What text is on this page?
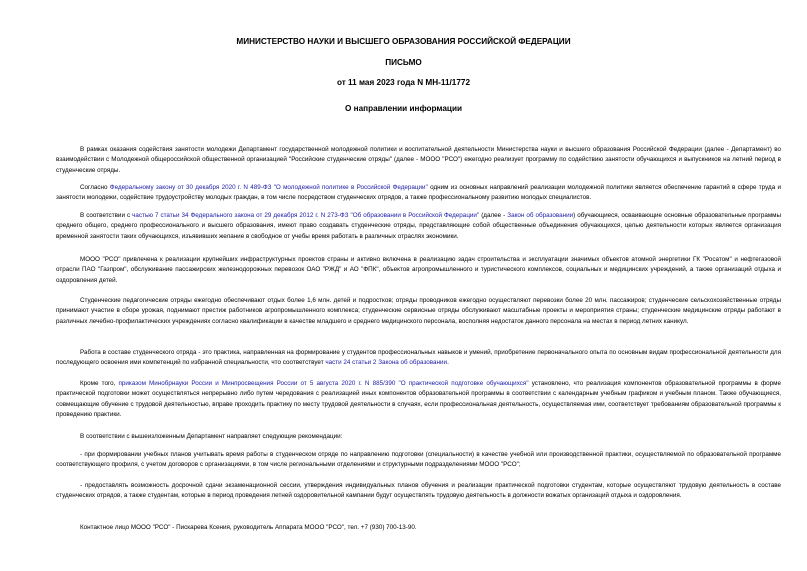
МИНИСТЕРСТВО НАУКИ И ВЫСШЕГО ОБРАЗОВАНИЯ РОССИЙСКОЙ ФЕДЕРАЦИИ
ПИСЬМО
от 11 мая 2023 года N МН-11/1772
О направлении информации

В рамках оказания содействия занятости молодежи Департамент государственной молодежной политики и воспитательной деятельности Министерства науки и высшего образования Российской Федерации (далее - Департамент) во взаимодействии с Молодежной общероссийской общественной организацией "Российские студенческие отряды" (далее - МООО "РСО") ежегодно реализует программу по содействию занятости обучающихся и выпускников на летний период в студенческие отряды.

Согласно Федеральному закону от 30 декабря 2020 г. N 489-ФЗ "О молодежной политике в Российской Федерации" одним из основных направлений реализации молодежной политики является обеспечение гарантий в сфере труда и занятости молодежи, содействие трудоустройству молодых граждан, в том числе посредством студенческих отрядов, а также профессиональному развитию молодых специалистов.

В соответствии с частью 7 статьи 34 Федерального закона от 29 декабря 2012 г. N 273-ФЗ "Об образовании в Российской Федерации" (далее - Закон об образовании) обучающиеся, осваивающие основные образовательные программы среднего общего, среднего профессионального и высшего образования, имеют право создавать студенческие отряды, представляющие собой общественные объединения обучающихся, целью деятельности которых является организация временной занятости таких обучающихся, изъявивших желание в свободное от учебы время работать в различных отраслях экономики.

МООО "РСО" привлечена к реализации крупнейших инфраструктурных проектов страны и активно включена в реализацию задач строительства и эксплуатации значимых объектов атомной энергетики ГК "Росатом" и нефтегазовой отрасли ПАО "Газпром", обслуживание пассажирских железнодорожных перевозок ОАО "РЖД" и АО "ФПК", объектов агропромышленного и туристического комплексов, социальных и медицинских учреждений, а также организаций отдыха и оздоровления детей.

Студенческие педагогические отряды ежегодно обеспечивают отдых более 1,6 млн. детей и подростков; отряды проводников ежегодно осуществляют перевозки более 20 млн. пассажиров; студенческие сельскохозяйственные отряды принимают участие в сборе урожая, поднимают престиж работников агропромышленного комплекса; студенческие сервисные отряды обслуживают масштабные проекты и мероприятия страны; студенческие медицинские отряды работают в различных лечебно-профилактических учреждениях согласно квалификации в качестве младшего и среднего медицинского персонала, восполняя недостаток данного персонала на местах в период летних каникул.

Работа в составе студенческого отряда - это практика, направленная на формирование у студентов профессиональных навыков и умений, приобретение первоначального опыта по основным видам профессиональной деятельности для последующего освоения ими компетенций по избранной специальности, что соответствует части 24 статьи 2 Закона об образовании.

Кроме того, приказом Минобрнауки России и Минпросвещения России от 5 августа 2020 г. N 885/390 "О практической подготовке обучающихся" установлено, что реализация компонентов образовательной программы в форме практической подготовки может осуществляться непрерывно либо путем чередования с реализацией иных компонентов образовательной программы в соответствии с календарным учебным графиком и учебным планом. Также обучающиеся, совмещающие обучение с трудовой деятельностью, вправе проходить практику по месту трудовой деятельности в случаях, если профессиональная деятельность, осуществляемая ими, соответствует требованиям образовательной программы к проведению практики.

В соответствии с вышеизложенным Департамент направляет следующие рекомендации:

- при формировании учебных планов учитывать время работы в студенческом отряде по направлению подготовки (специальности) в качестве учебной или производственной практики, осуществляемой по образовательной программе соответствующего профиля, с учетом договоров с организациями, в том числе региональными отделениями и структурными подразделениями МООО "РСО";

- предоставлять возможность досрочной сдачи экзаменационной сессии, утверждения индивидуальных планов обучения и реализации практической подготовки студентам, которые осуществляют трудовую деятельность в составе студенческих отрядов, а также студентам, которые в период проведения летней оздоровительной кампании будут осуществлять трудовую деятельность в должности вожатых организаций отдыха и оздоровления.

Контактное лицо МООО "РСО" - Пискарева Ксения, руководитель Аппарата МООО "РСО", тел. +7 (930) 700-13-90.
